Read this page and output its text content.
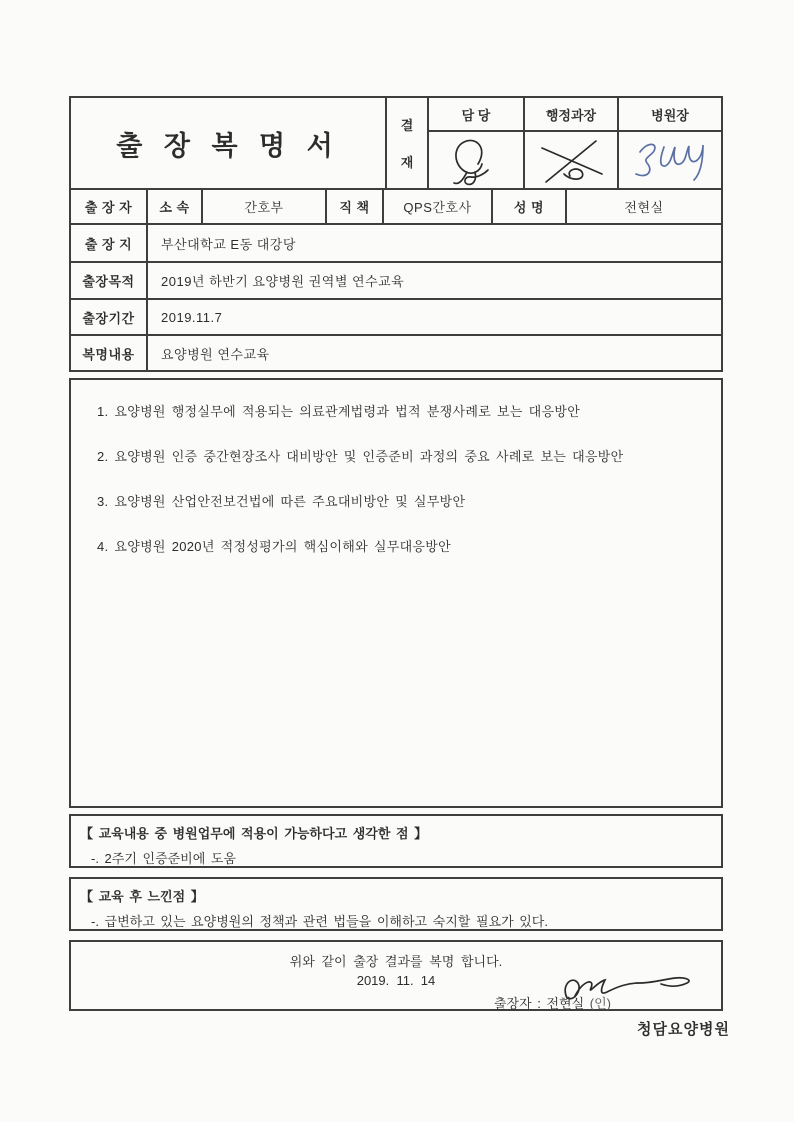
출 장 복 명 서
결
재
담 당	행정과장	병원장
출 장 자	소 속	간호부	직 책	QPS간호사	성 명	전현실
출 장 지	부산대학교 E동 대강당
출장목적	2019년 하반기 요양병원 권역별 연수교육
출장기간	2019.11.7
복명내용	요양병원 연수교육
1. 요양병원 행정실무에 적용되는 의료관계법령과 법적 분쟁사례로 보는 대응방안
2. 요양병원 인증 중간현장조사 대비방안 및 인증준비 과정의 중요 사례로 보는 대응방안
3. 요양병원 산업안전보건법에 따른 주요대비방안 및 실무방안
4. 요양병원 2020년 적정성평가의 핵심이해와 실무대응방안
【 교육내용 중 병원업무에 적용이 가능하다고 생각한 점 】
-. 2주기 인증준비에 도움
【 교육 후 느낀점 】
-. 급변하고 있는 요양병원의 정책과 관련 법들을 이해하고 숙지할 필요가 있다.
위와 같이 출장 결과를 복명 합니다.
2019.  11.  14
출장자 : 전현실 (인)
청담요양병원
